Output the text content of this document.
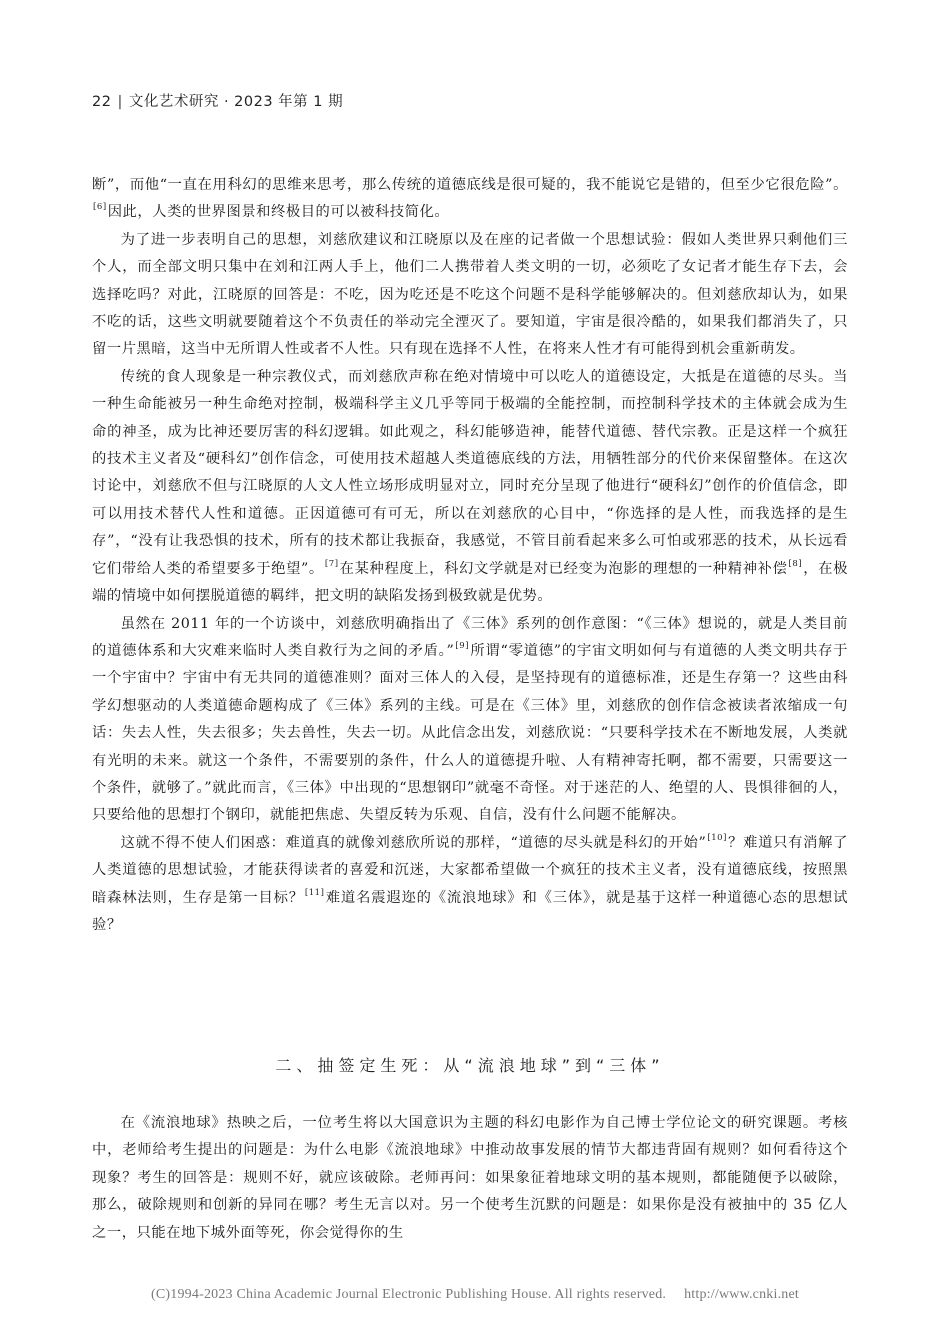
22 | 文化艺术研究 · 2023 年第 1 期

断”，而他“一直在用科幻的思维来思考，那么传统的道德底线是很可疑的，我不能说它是错的，但至少它很危险”。[6]因此，人类的世界图景和终极目的可以被科技简化。

为了进一步表明自己的思想，刘慈欣建议和江晓原以及在座的记者做一个思想试验：假如人类世界只剩他们三个人，而全部文明只集中在刘和江两人手上，他们二人携带着人类文明的一切，必须吃了女记者才能生存下去，会选择吃吗？对此，江晓原的回答是：不吃，因为吃还是不吃这个问题不是科学能够解决的。但刘慈欣却认为，如果不吃的话，这些文明就要随着这个不负责任的举动完全湮灭了。要知道，宇宙是很冷酷的，如果我们都消失了，只留一片黑暗，这当中无所谓人性或者不人性。只有现在选择不人性，在将来人性才有可能得到机会重新萌发。

传统的食人现象是一种宗教仪式，而刘慈欣声称在绝对情境中可以吃人的道德设定，大抵是在道德的尽头。当一种生命能被另一种生命绝对控制，极端科学主义几乎等同于极端的全能控制，而控制科学技术的主体就会成为生命的神圣，成为比神还要厉害的科幻逻辑。如此观之，科幻能够造神，能替代道德、替代宗教。正是这样一个疯狂的技术主义者及“硬科幻”创作信念，可使用技术超越人类道德底线的方法，用牺牲部分的代价来保留整体。在这次讨论中，刘慈欣不但与江晓原的人文人性立场形成明显对立，同时充分呈现了他进行“硬科幻”创作的价值信念，即可以用技术替代人性和道德。正因道德可有可无，所以在刘慈欣的心目中，“你选择的是人性，而我选择的是生存”，“没有让我恐惧的技术，所有的技术都让我振奋，我感觉，不管目前看起来多么可怕或邪恶的技术，从长远看它们带给人类的希望要多于绝望”。[7]在某种程度上，科幻文学就是对已经变为泡影的理想的一种精神补偿[8]，在极端的情境中如何摆脱道德的羁绊，把文明的缺陷发扬到极致就是优势。

虽然在 2011 年的一个访谈中，刘慈欣明确指出了《三体》系列的创作意图：“《三体》想说的，就是人类目前的道德体系和大灾难来临时人类自救行为之间的矛盾。”[9]所谓“零道德”的宇宙文明如何与有道德的人类文明共存于一个宇宙中？宇宙中有无共同的道德准则？面对三体人的入侵，是坚持现有的道德标准，还是生存第一？这些由科学幻想驱动的人类道德命题构成了《三体》系列的主线。可是在《三体》里，刘慈欣的创作信念被读者浓缩成一句话：失去人性，失去很多；失去兽性，失去一切。从此信念出发，刘慈欣说：“只要科学技术在不断地发展，人类就有光明的未来。就这一个条件，不需要别的条件，什么人的道德提升啦、人有精神寄托啊，都不需要，只需要这一个条件，就够了。”就此而言，《三体》中出现的“思想钢印”就毫不奇怪。对于迷茫的人、绝望的人、畏惧徘徊的人，只要给他的思想打个钢印，就能把焦虑、失望反转为乐观、自信，没有什么问题不能解决。

这就不得不使人们困惑：难道真的就像刘慈欣所说的那样，“道德的尽头就是科幻的开始”[10]？难道只有消解了人类道德的思想试验，才能获得读者的喜爱和沉迷，大家都希望做一个疯狂的技术主义者，没有道德底线，按照黑暗森林法则，生存是第一目标？[11]难道名震遐迩的《流浪地球》和《三体》，就是基于这样一种道德心态的思想试验？

二、抽签定生死：从“流浪地球”到“三体”

在《流浪地球》热映之后，一位考生将以大国意识为主题的科幻电影作为自己博士学位论文的研究课题。考核中，老师给考生提出的问题是：为什么电影《流浪地球》中推动故事发展的情节大都违背固有规则？如何看待这个现象？考生的回答是：规则不好，就应该破除。老师再问：如果象征着地球文明的基本规则，都能随便予以破除，那么，破除规则和创新的异同在哪？考生无言以对。另一个使考生沉默的问题是：如果你是没有被抽中的 35 亿人之一，只能在地下城外面等死，你会觉得你的生

(C)1994-2023 China Academic Journal Electronic Publishing House. All rights reserved. http://www.cnki.net
